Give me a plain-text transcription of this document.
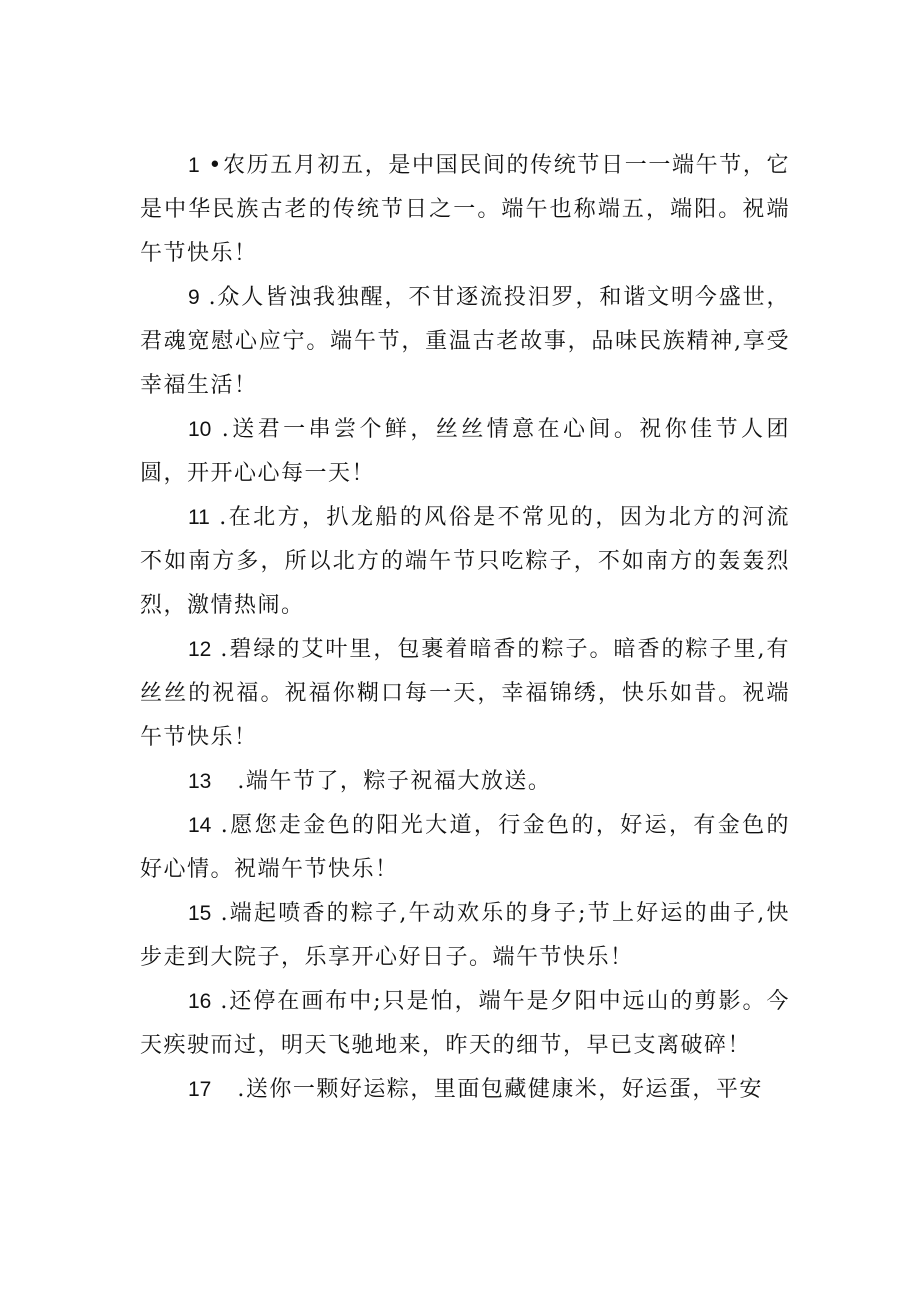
1 •农历五月初五，是中国民间的传统节日一一端午节，它是中华民族古老的传统节日之一。端午也称端五，端阳。祝端午节快乐！

9 .众人皆浊我独醒，不甘逐流投汨罗，和谐文明今盛世，君魂宽慰心应宁。端午节，重温古老故事，品味民族精神,享受幸福生活！

10 .送君一串尝个鲜，丝丝情意在心间。祝你佳节人团圆，开开心心每一天！

11 .在北方，扒龙船的风俗是不常见的，因为北方的河流不如南方多，所以北方的端午节只吃粽子，不如南方的轰轰烈烈，激情热闹。

12 .碧绿的艾叶里，包裹着暗香的粽子。暗香的粽子里,有丝丝的祝福。祝福你糊口每一天，幸福锦绣，快乐如昔。祝端午节快乐！

13 .端午节了，粽子祝福大放送。

14 .愿您走金色的阳光大道，行金色的，好运，有金色的好心情。祝端午节快乐！

15 .端起喷香的粽子,午动欢乐的身子;节上好运的曲子,快步走到大院子，乐享开心好日子。端午节快乐！

16 .还停在画布中;只是怕，端午是夕阳中远山的剪影。今天疾驶而过，明天飞驰地来，昨天的细节，早已支离破碎！

17 .送你一颗好运粽，里面包藏健康米，好运蛋，平安
